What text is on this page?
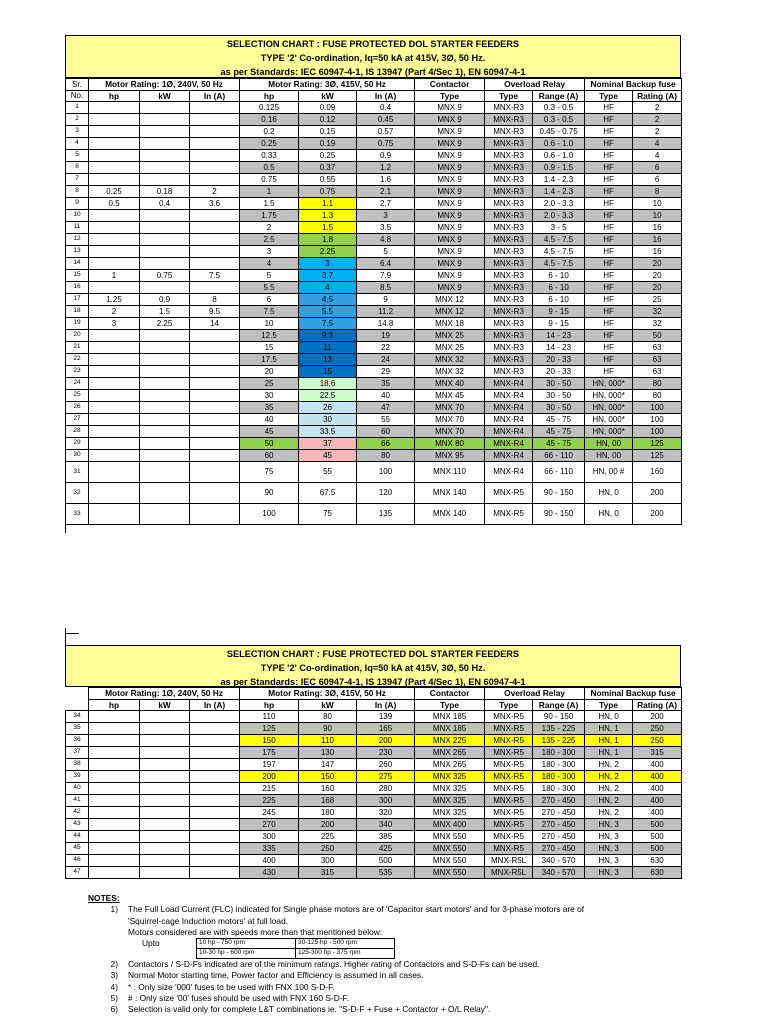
SELECTION CHART : FUSE PROTECTED DOL STARTER FEEDERS
TYPE '2' Co-ordination, Iq=50 kA at 415V, 3Ø, 50 Hz.
as per Standards: IEC 60947-4-1, IS 13947 (Part 4/Sec 1), EN 60947-4-1
Sr.	Motor Rating: 1Ø, 240V, 50 Hz			Motor Rating: 3Ø, 415V, 50 Hz			Contactor	Overload Relay		Nominal Backup fuse	
No.	hp	kW	In (A)	hp	kW	In (A)	Type	Type	Range (A)	Type	Rating (A)
1				0.125	0.09	0.4	MNX 9	MNX-R3	0.3 - 0.5	HF	2
2				0.16	0.12	0.45	MNX 9	MNX-R3	0.3 - 0.5	HF	2
3				0.2	0.15	0.57	MNX 9	MNX-R3	0.45 - 0.75	HF	2
4				0.25	0.19	0.75	MNX 9	MNX-R3	0.6 - 1.0	HF	4
5				0.33	0.25	0.9	MNX 9	MNX-R3	0.6 - 1.0	HF	4
6				0.5	0.37	1.2	MNX 9	MNX-R3	0.9 - 1.5	HF	6
7				0.75	0.55	1.6	MNX 9	MNX-R3	1.4 - 2.3	HF	6
8	0.25	0.18	2	1	0.75	2.1	MNX 9	MNX-R3	1.4 - 2.3	HF	8
9	0.5	0.4	3.6	1.5	1.1	2.7	MNX 9	MNX-R3	2.0 - 3.3	HF	10
10				1.75	1.3	3	MNX 9	MNX-R3	2.0 - 3.3	HF	10
11				2	1.5	3.5	MNX 9	MNX-R3	3 - 5	HF	16
12				2.5	1.8	4.8	MNX 9	MNX-R3	4.5 - 7.5	HF	16
13				3	2.25	5	MNX 9	MNX-R3	4.5 - 7.5	HF	16
14				4	3	6.4	MNX 9	MNX-R3	4.5 - 7.5	HF	20
15	1	0.75	7.5	5	3.7	7.9	MNX 9	MNX-R3	6 - 10	HF	20
16				5.5	4	8.5	MNX 9	MNX-R3	6 - 10	HF	20
17	1.25	0.9	8	6	4.5	9	MNX 12	MNX-R3	6 - 10	HF	25
18	2	1.5	9.5	7.5	5.5	11.2	MNX 12	MNX-R3	9 - 15	HF	32
19	3	2.25	14	10	7.5	14.8	MNX 18	MNX-R3	9 - 15	HF	32
20				12.5	9.3	19	MNX 25	MNX-R3	14 - 23	HF	50
21				15	11	22	MNX 25	MNX-R3	14 - 23	HF	63
22				17.5	13	24	MNX 32	MNX-R3	20 - 33	HF	63
23				20	15	29	MNX 32	MNX-R3	20 - 33	HF	63
24				25	18.6	35	MNX 40	MNX-R4	30 - 50	HN, 000*	80
25				30	22.5	40	MNX 45	MNX-R4	30 - 50	HN, 000*	80
26				35	26	47	MNX 70	MNX-R4	30 - 50	HN, 000*	100
27				40	30	55	MNX 70	MNX-R4	45 - 75	HN, 000*	100
28				45	33.5	60	MNX 70	MNX-R4	45 - 75	HN, 000*	100
29				50	37	66	MNX 80	MNX-R4	45 - 75	HN, 00	125
30				60	45	80	MNX 95	MNX-R4	66 - 110	HN, 00	125
31				75	55	100	MNX 110	MNX-R4	66 - 110	HN, 00 #	160
32				90	67.5	120	MNX 140	MNX-R5	90 - 150	HN, 0	200
33				100	75	135	MNX 140	MNX-R5	90 - 150	HN, 0	200
SELECTION CHART : FUSE PROTECTED DOL STARTER FEEDERS
TYPE '2' Co-ordination, Iq=50 kA at 415V, 3Ø, 50 Hz.
as per Standards: IEC 60947-4-1, IS 13947 (Part 4/Sec 1), EN 60947-4-1
	Motor Rating: 1Ø, 240V, 50 Hz			Motor Rating: 3Ø, 415V, 50 Hz			Contactor	Overload Relay		Nominal Backup fuse	
	hp	kW	In (A)	hp	kW	In (A)	Type	Type	Range (A)	Type	Rating (A)
34				110	80	139	MNX 185	MNX-R5	90 - 150	HN, 0	200
35				125	90	165	MNX 185	MNX-R5	135 - 225	HN, 1	250
36				150	110	200	MNX 225	MNX-R5	135 - 225	HN, 1	250
37				175	130	230	MNX 265	MNX-R5	180 - 300	HN, 1	315
38				197	147	260	MNX 265	MNX-R5	180 - 300	HN, 2	400
39				200	150	275	MNX 325	MNX-R5	180 - 300	HN, 2	400
40				215	160	280	MNX 325	MNX-R5	180 - 300	HN, 2	400
41				225	168	300	MNX 325	MNX-R5	270 - 450	HN, 2	400
42				245	180	320	MNX 325	MNX-R5	270 - 450	HN, 2	400
43				270	200	340	MNX 400	MNX-R5	270 - 450	HN, 3	500
44				300	225	385	MNX 550	MNX-R5	270 - 450	HN, 3	500
45				335	250	425	MNX 550	MNX-R5	270 - 450	HN, 3	500
46				400	300	500	MNX 550	MNX-R5L	340 - 570	HN, 3	630
47				430	315	535	MNX 550	MNX-R5L	340 - 570	HN, 3	630
NOTES:
1)	The Full Load Current (FLC) indicated for Single phase motors are of 'Capacitor start motors' and for 3-phase motors are of
'Squirrel-cage Induction motors' at full load.
Motors considered are with speeds more than that mentioned below:
Upto	10 hp - 750 rpm	30-125 hp - 500 rpm
10-30 hp - 600 rpm	125-300 hp - 375 rpm
2)	Contactors / S-D-Fs indicated are of the minimum ratings. Higher rating of Contactors and S-D-Fs can be used.
3)	Normal Motor starting time, Power factor and Efficiency is assumed in all cases.
4)	* : Only size '000' fuses to be used with FNX 100 S-D-F.
5)	# : Only size '00' fuses should be used with FNX 160 S-D-F.
6)	Selection is valid only for complete L&T combinations ie. "S-D-F + Fuse + Contactor + O/L Relay".
